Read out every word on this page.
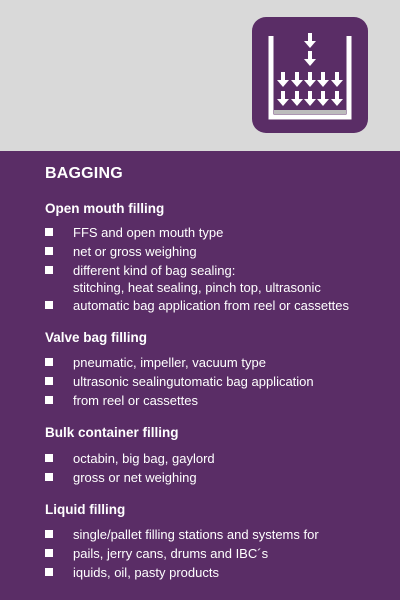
BAGGING
Open mouth filling
FFS and open mouth type
net or gross weighing
different kind of bag sealing:
stitching, heat sealing, pinch top, ultrasonic
automatic bag application from reel or cassettes
Valve bag filling
pneumatic, impeller, vacuum type
ultrasonic sealingutomatic bag application
from reel or cassettes
Bulk container filling
octabin, big bag, gaylord
gross or net weighing
Liquid filling
single/pallet filling stations and systems for
pails, jerry cans, drums and IBC´s
iquids, oil, pasty products
